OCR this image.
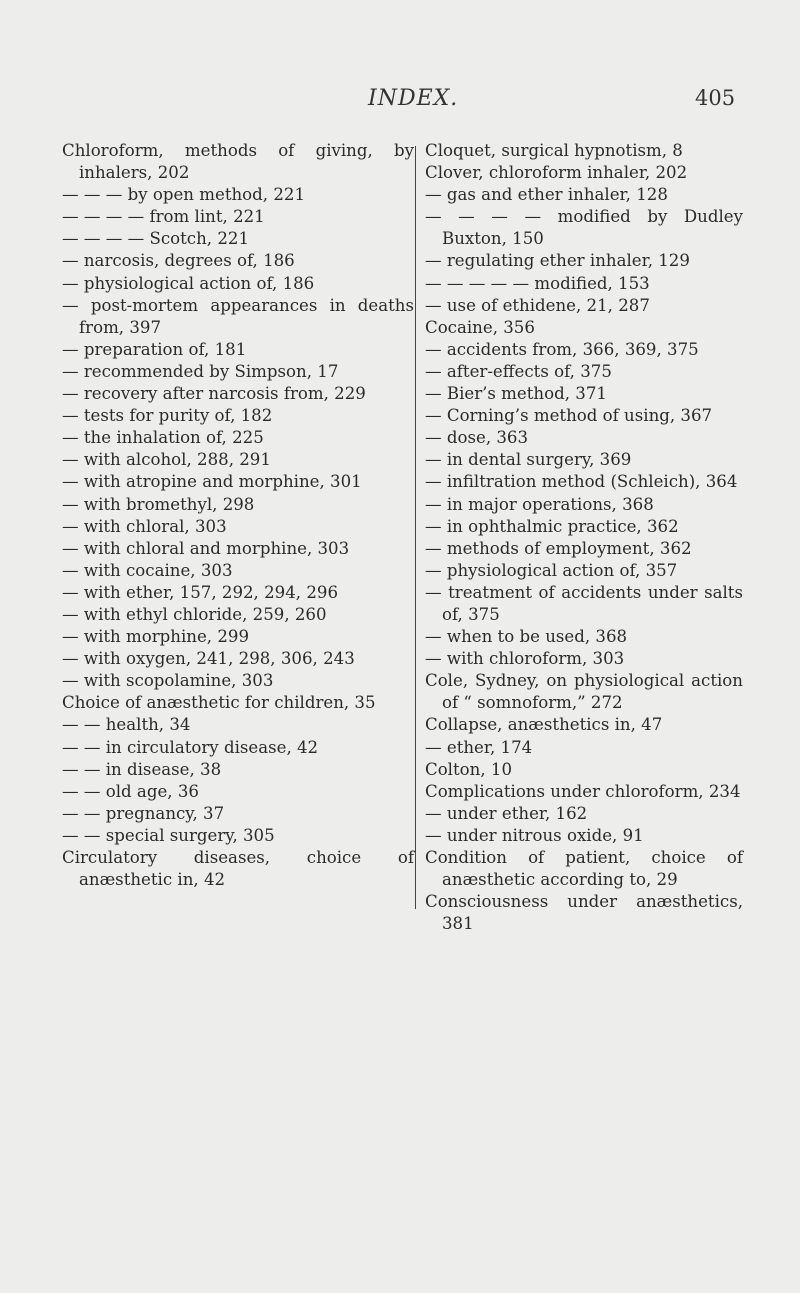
INDEX.	405

Chloroform, methods of giving, by inhalers, 202

— — — by open method, 221

— — — — from lint, 221

— — — — Scotch, 221

— narcosis, degrees of, 186

— physiological action of, 186

— post-mortem appearances in deaths from, 397

— preparation of, 181

— recommended by Simpson, 17

— recovery after narcosis from, 229

— tests for purity of, 182

— the inhalation of, 225

— with alcohol, 288, 291

— with atropine and morphine, 301

— with bromethyl, 298

— with chloral, 303

— with chloral and morphine, 303

— with cocaine, 303

— with ether, 157, 292, 294, 296

— with ethyl chloride, 259, 260

— with morphine, 299

— with oxygen, 241, 298, 306, 243

— with scopolamine, 303

Choice of anæsthetic for children, 35

— — health, 34

— — in circulatory disease, 42

— — in disease, 38

— — old age, 36

— — pregnancy, 37

— — special surgery, 305

Circulatory diseases, choice of anæsthetic in, 42

Cloquet, surgical hypnotism, 8

Clover, chloroform inhaler, 202

— gas and ether inhaler, 128

— — — — modified by Dudley Buxton, 150

— regulating ether inhaler, 129

— — — — — modified, 153

— use of ethidene, 21, 287

Cocaine, 356

— accidents from, 366, 369, 375

— after-effects of, 375

— Bier’s method, 371

— Corning’s method of using, 367

— dose, 363

— in dental surgery, 369

— infiltration method (Schleich), 364

— in major operations, 368

— in ophthalmic practice, 362

— methods of employment, 362

— physiological action of, 357

— treatment of accidents under salts of, 375

— when to be used, 368

— with chloroform, 303

Cole, Sydney, on physiological action of “ somnoform,” 272

Collapse, anæsthetics in, 47

— ether, 174

Colton, 10

Complications under chloroform, 234

— under ether, 162

— under nitrous oxide, 91

Condition of patient, choice of anæsthetic according to, 29

Consciousness under anæsthetics, 381
